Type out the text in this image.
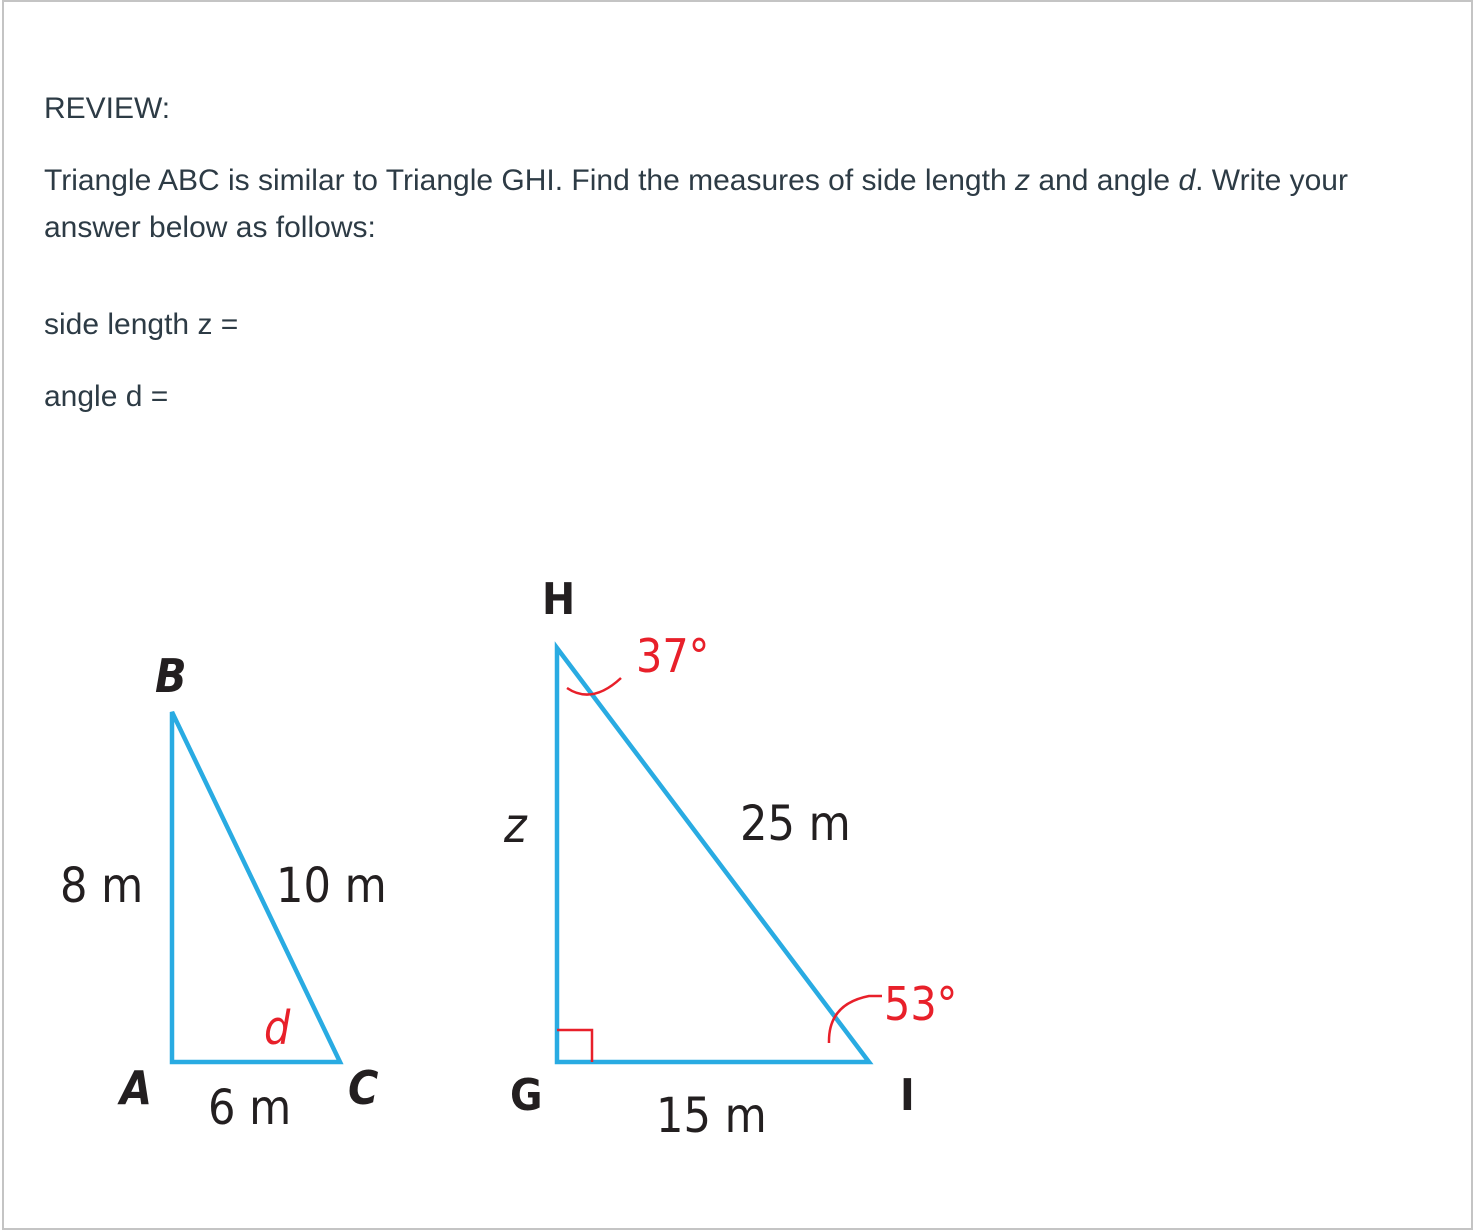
REVIEW:
Triangle ABC is similar to Triangle GHI. Find the measures of side length z and angle d. Write your
answer below as follows:
side length z =
angle d =
B
A	C
8 m	10 m
6 m
d
H
G	I
z	25 m
15 m
37°
53°
